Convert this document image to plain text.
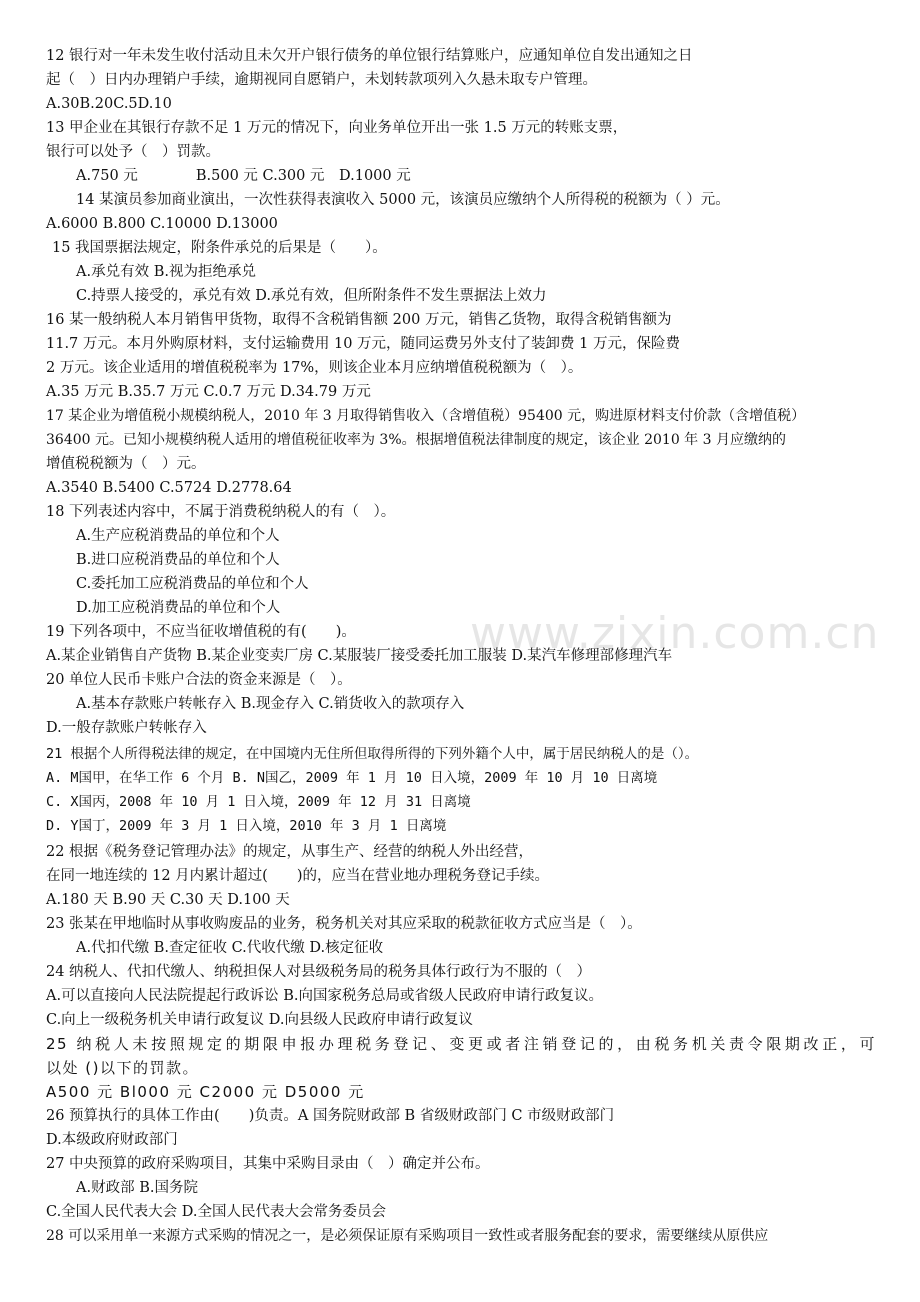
www.zixin.com.cn
12 银行对一年未发生收付活动且未欠开户银行债务的单位银行结算账户，应通知单位自发出通知之日
起（　）日内办理销户手续，逾期视同自愿销户，未划转款项列入久悬未取专户管理。
A.30B.20C.5D.10
13 甲企业在其银行存款不足 1 万元的情况下，向业务单位开出一张 1.5 万元的转账支票，
银行可以处予（　）罚款。
A.750 元　　　　B.500 元 C.300 元　D.1000 元
14 某演员参加商业演出，一次性获得表演收入 5000 元，该演员应缴纳个人所得税的税额为（ ）元。
A.6000 B.800 C.10000 D.13000
15 我国票据法规定，附条件承兑的后果是（　　）。
A.承兑有效 B.视为拒绝承兑
C.持票人接受的，承兑有效 D.承兑有效，但所附条件不发生票据法上效力
16 某一般纳税人本月销售甲货物，取得不含税销售额 200 万元，销售乙货物，取得含税销售额为
11.7 万元。本月外购原材料，支付运输费用 10 万元，随同运费另外支付了装卸费 1 万元，保险费
2 万元。该企业适用的增值税税率为 17%，则该企业本月应纳增值税税额为（　）。
A.35 万元 B.35.7 万元 C.0.7 万元 D.34.79 万元
17 某企业为增值税小规模纳税人，2010 年 3 月取得销售收入（含增值税）95400 元，购进原材料支付价款（含增值税）
36400 元。已知小规模纳税人适用的增值税征收率为 3%。根据增值税法律制度的规定，该企业 2010 年 3 月应缴纳的
增值税税额为（　）元。
A.3540 B.5400 C.5724 D.2778.64
18 下列表述内容中，不属于消费税纳税人的有（　）。
A.生产应税消费品的单位和个人
B.进口应税消费品的单位和个人
C.委托加工应税消费品的单位和个人
D.加工应税消费品的单位和个人
19 下列各项中，不应当征收增值税的有(　　)。
A.某企业销售自产货物 B.某企业变卖厂房 C.某服装厂接受委托加工服装 D.某汽车修理部修理汽车
20 单位人民币卡账户合法的资金来源是（　）。
A.基本存款账户转帐存入 B.现金存入 C.销货收入的款项存入
D.一般存款账户转帐存入
21 根据个人所得税法律的规定，在中国境内无住所但取得所得的下列外籍个人中，属于居民纳税人的是（）。
A. M国甲，在华工作 6 个月 B. N国乙，2009 年 1 月 10 日入境，2009 年 10 月 10 日离境
C. X国丙，2008 年 10 月 1 日入境，2009 年 12 月 31 日离境
D. Y国丁，2009 年 3 月 1 日入境，2010 年 3 月 1 日离境
22 根据《税务登记管理办法》的规定，从事生产、经营的纳税人外出经营，
在同一地连续的 12 月内累计超过(　　)的，应当在营业地办理税务登记手续。
A.180 天 B.90 天 C.30 天 D.100 天
23 张某在甲地临时从事收购废品的业务，税务机关对其应采取的税款征收方式应当是（　）。
A.代扣代缴 B.查定征收 C.代收代缴 D.核定征收
24 纳税人、代扣代缴人、纳税担保人对县级税务局的税务具体行政行为不服的（　）
A.可以直接向人民法院提起行政诉讼 B.向国家税务总局或省级人民政府申请行政复议。
C.向上一级税务机关申请行政复议 D.向县级人民政府申请行政复议
25 纳税人未按照规定的期限申报办理税务登记、变更或者注销登记的，由税务机关责令限期改正，可
以处 ()以下的罚款。
A500 元 Bl000 元 C2000 元 D5000 元
26 预算执行的具体工作由(　　)负责。A 国务院财政部 B 省级财政部门 C 市级财政部门
D.本级政府财政部门
27 中央预算的政府采购项目，其集中采购目录由（　）确定并公布。
A.财政部 B.国务院
C.全国人民代表大会 D.全国人民代表大会常务委员会
28 可以采用单一来源方式采购的情况之一，是必须保证原有采购项目一致性或者服务配套的要求，需要继续从原供应
